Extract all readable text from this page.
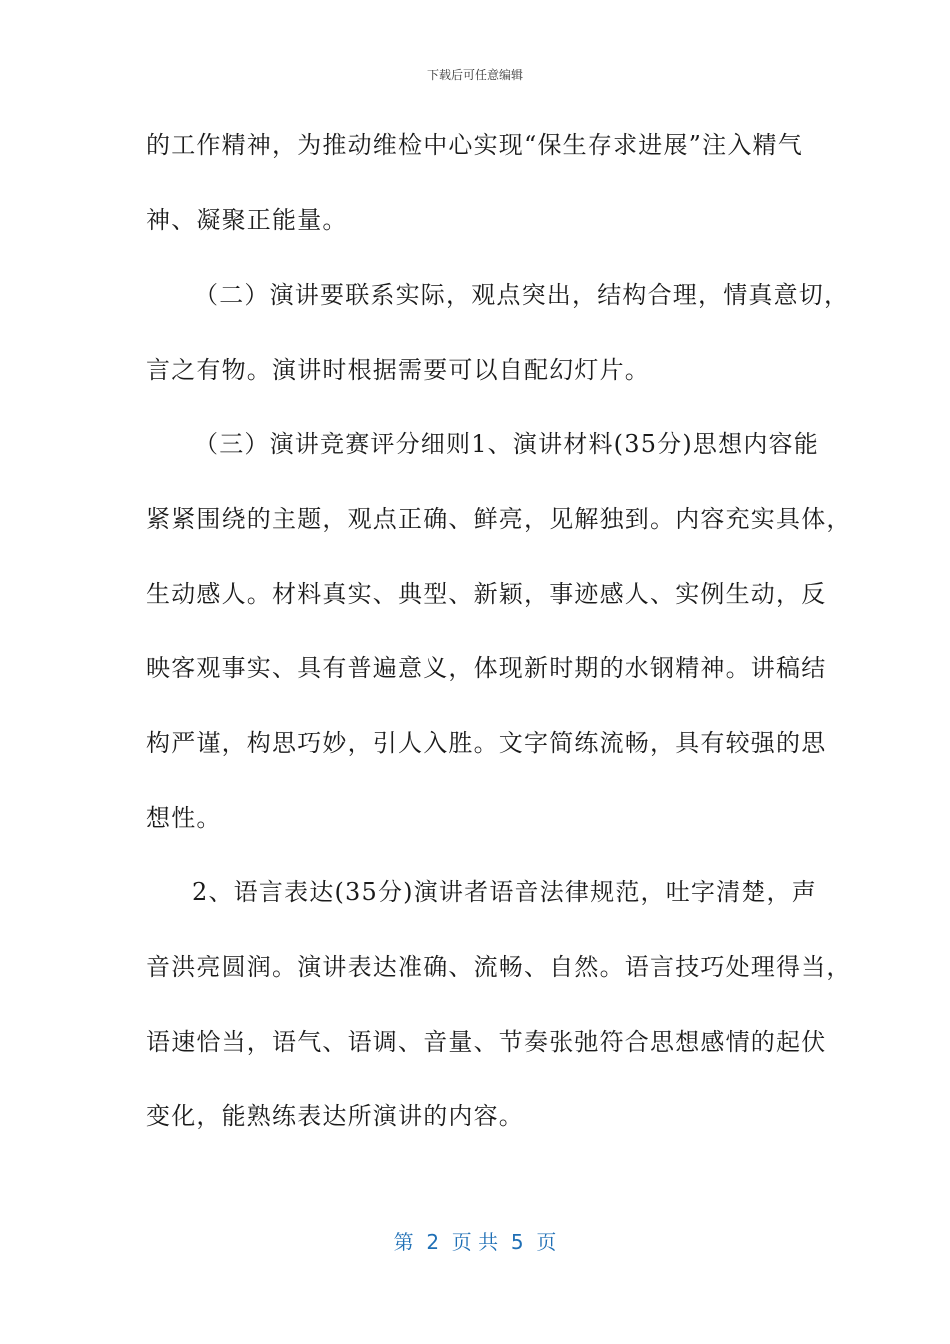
下载后可任意编辑
的工作精神，为推动维检中心实现“保生存求进展”注入精气
神、凝聚正能量。
（二）演讲要联系实际，观点突出，结构合理，情真意切，
言之有物。演讲时根据需要可以自配幻灯片。
（三）演讲竞赛评分细则1、演讲材料(35分)思想内容能
紧紧围绕的主题，观点正确、鲜亮，见解独到。内容充实具体，
生动感人。材料真实、典型、新颖，事迹感人、实例生动，反
映客观事实、具有普遍意义，体现新时期的水钢精神。讲稿结
构严谨，构思巧妙，引人入胜。文字简练流畅，具有较强的思
想性。
2、语言表达(35分)演讲者语音法律规范，吐字清楚，声
音洪亮圆润。演讲表达准确、流畅、自然。语言技巧处理得当，
语速恰当，语气、语调、音量、节奏张弛符合思想感情的起伏
变化，能熟练表达所演讲的内容。
第  2  页 共  5  页
